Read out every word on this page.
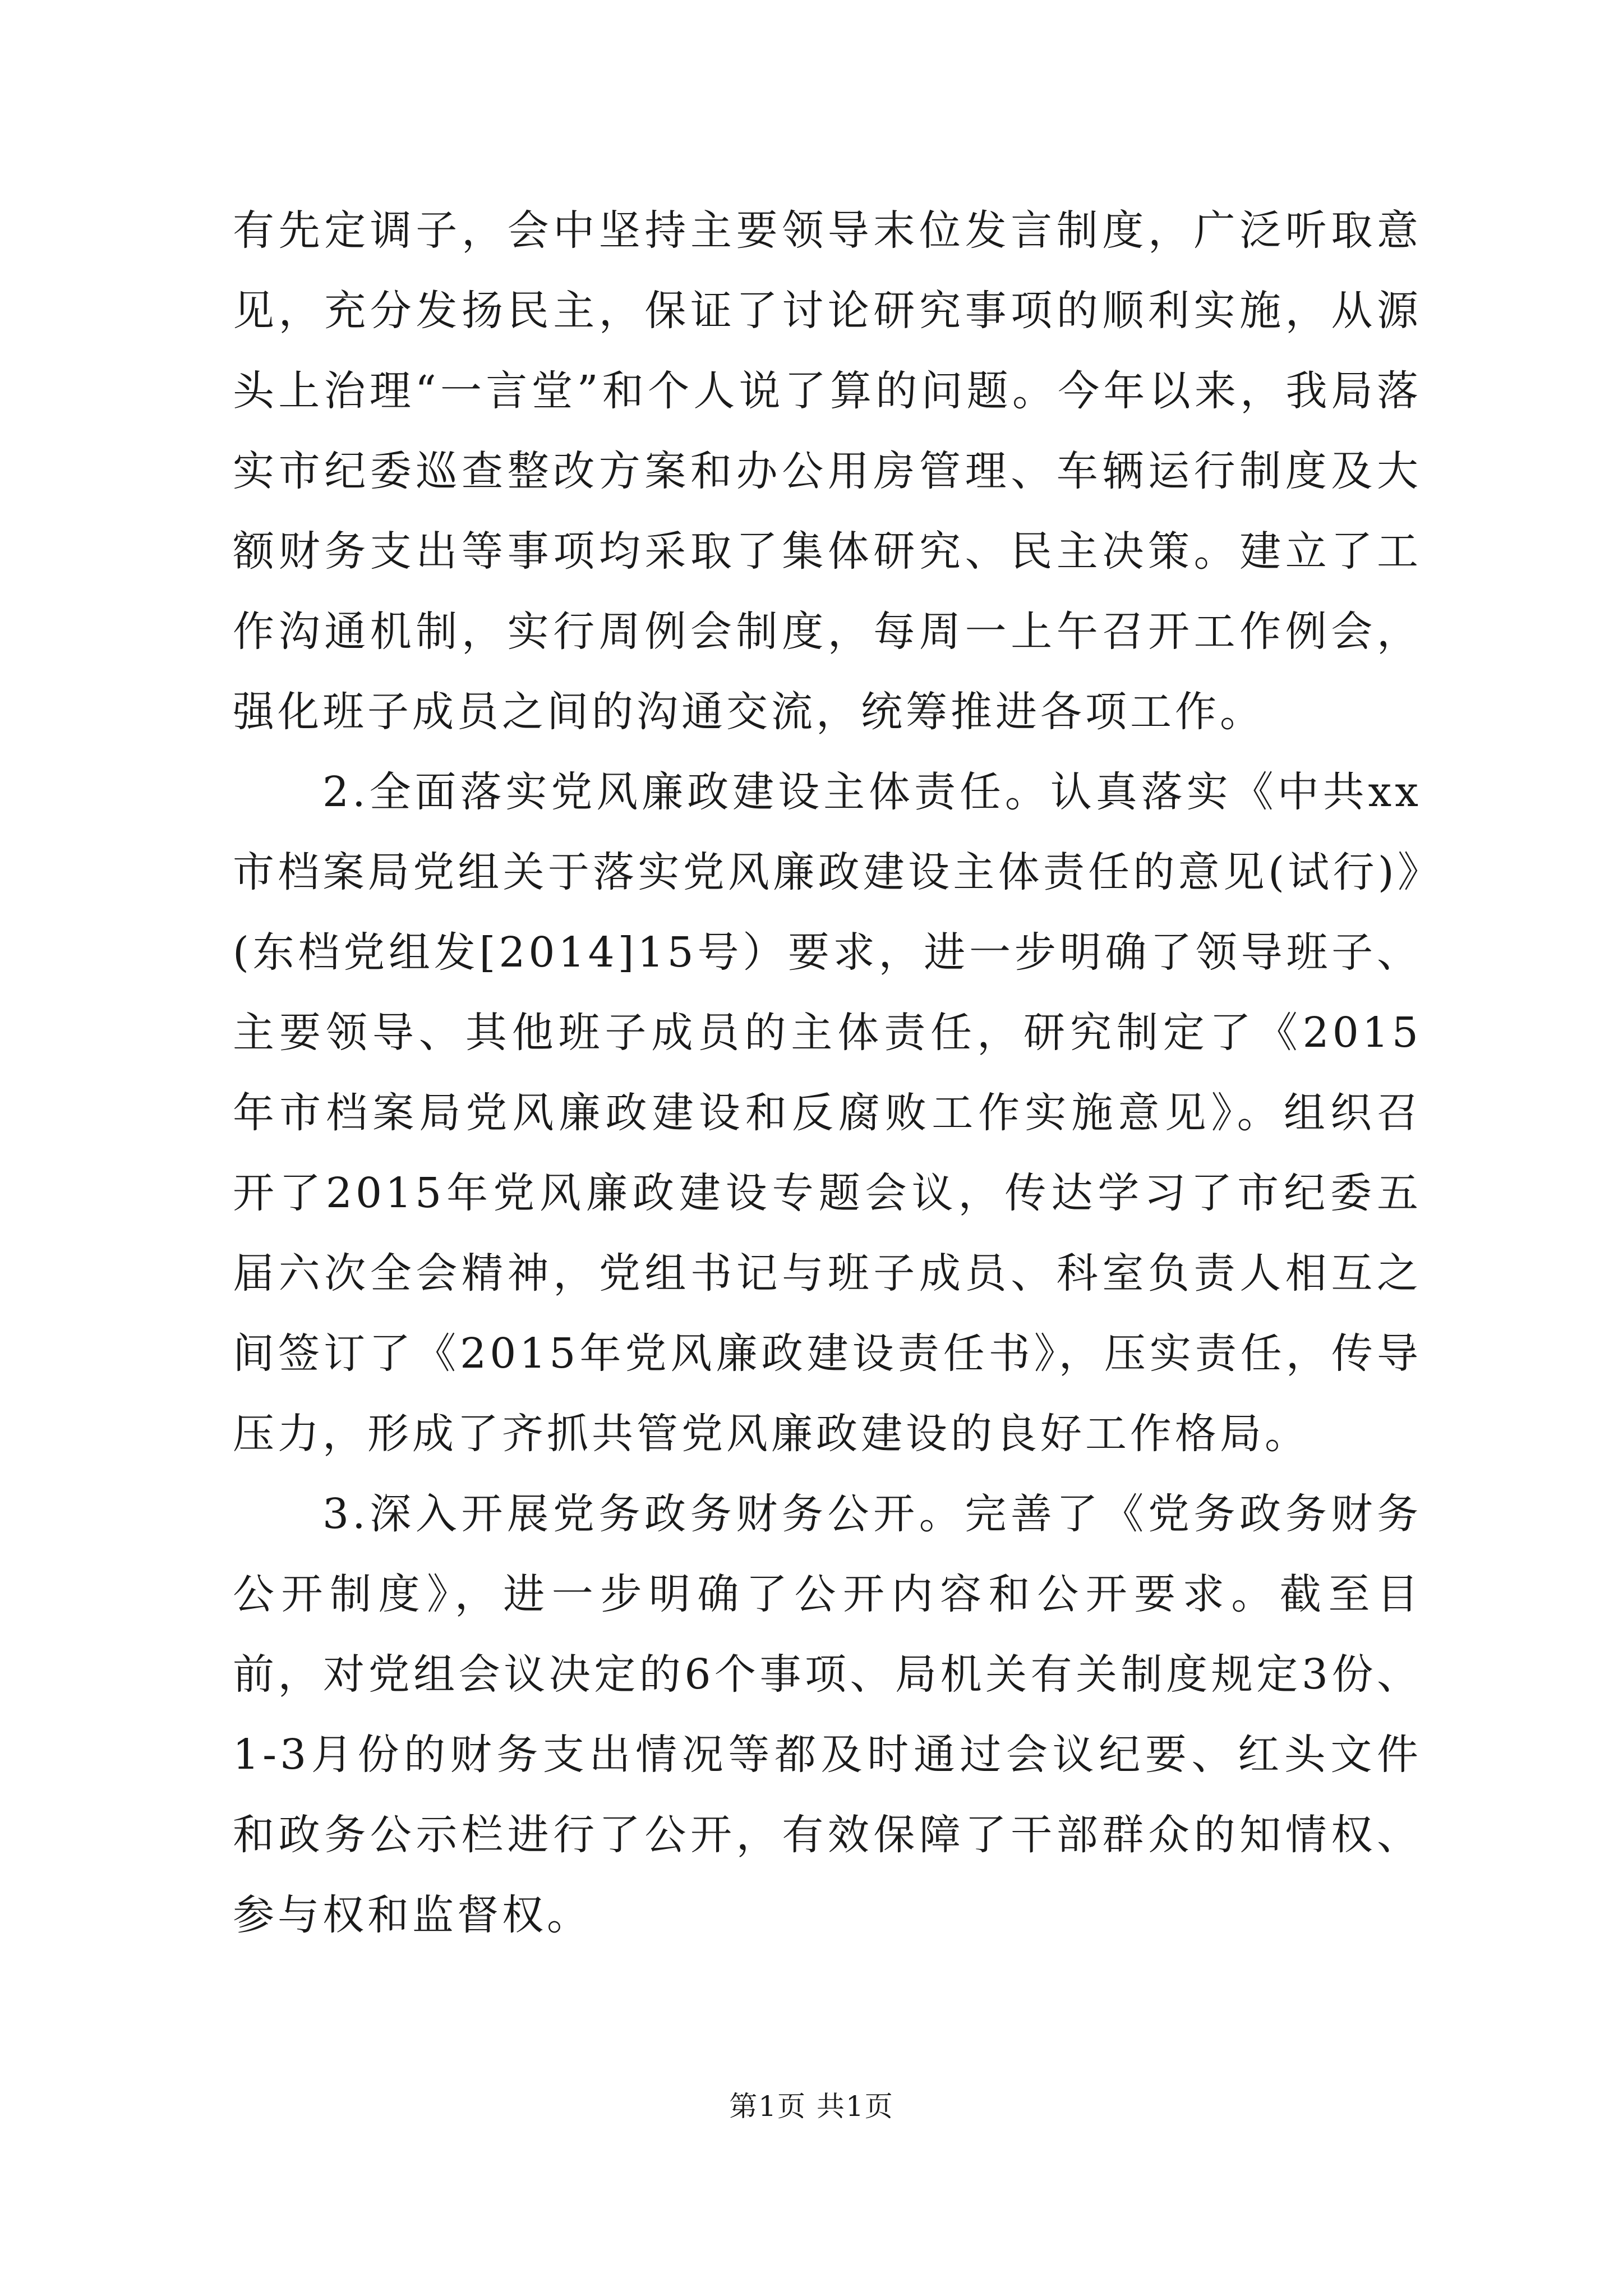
有先定调子，会中坚持主要领导末位发言制度，广泛听取意见，充分发扬民主，保证了讨论研究事项的顺利实施，从源头上治理“一言堂”和个人说了算的问题。今年以来，我局落实市纪委巡查整改方案和办公用房管理、车辆运行制度及大额财务支出等事项均采取了集体研究、民主决策。建立了工作沟通机制，实行周例会制度，每周一上午召开工作例会，强化班子成员之间的沟通交流，统筹推进各项工作。

2.全面落实党风廉政建设主体责任。认真落实《中共xx市档案局党组关于落实党风廉政建设主体责任的意见(试行)》(东档党组发[2014]15号）要求，进一步明确了领导班子、主要领导、其他班子成员的主体责任，研究制定了《2015年市档案局党风廉政建设和反腐败工作实施意见》。组织召开了2015年党风廉政建设专题会议，传达学习了市纪委五届六次全会精神，党组书记与班子成员、科室负责人相互之间签订了《2015年党风廉政建设责任书》，压实责任，传导压力，形成了齐抓共管党风廉政建设的良好工作格局。

3.深入开展党务政务财务公开。完善了《党务政务财务公开制度》，进一步明确了公开内容和公开要求。截至目前，对党组会议决定的6个事项、局机关有关制度规定3份、1-3月份的财务支出情况等都及时通过会议纪要、红头文件和政务公示栏进行了公开，有效保障了干部群众的知情权、参与权和监督权。

第1页 共1页
